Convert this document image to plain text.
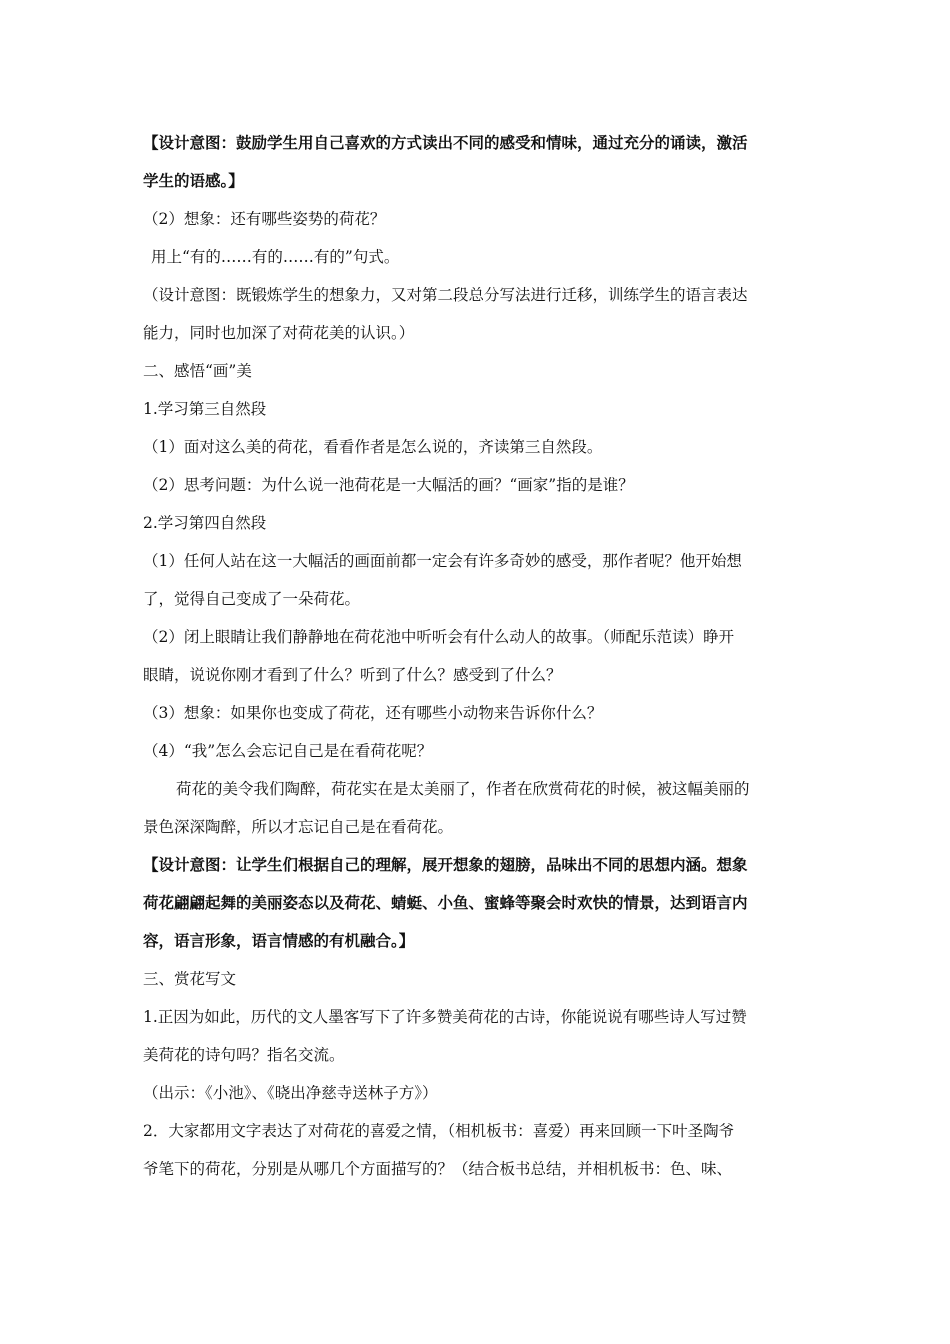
【设计意图：鼓励学生用自己喜欢的方式读出不同的感受和情味，通过充分的诵读，激活
学生的语感。】
（2）想象：还有哪些姿势的荷花？
用上“有的……有的……有的”句式。
（设计意图：既锻炼学生的想象力，又对第二段总分写法进行迁移，训练学生的语言表达
能力，同时也加深了对荷花美的认识。）
二、感悟“画”美
1.学习第三自然段
（1）面对这么美的荷花，看看作者是怎么说的，齐读第三自然段。
（2）思考问题：为什么说一池荷花是一大幅活的画？“画家”指的是谁？
2.学习第四自然段
（1）任何人站在这一大幅活的画面前都一定会有许多奇妙的感受，那作者呢？他开始想
了，觉得自己变成了一朵荷花。
（2）闭上眼睛让我们静静地在荷花池中听听会有什么动人的故事。（师配乐范读）睁开
眼睛，说说你刚才看到了什么？听到了什么？感受到了什么？
（3）想象：如果你也变成了荷花，还有哪些小动物来告诉你什么？
（4）“我”怎么会忘记自己是在看荷花呢？
荷花的美令我们陶醉，荷花实在是太美丽了，作者在欣赏荷花的时候，被这幅美丽的
景色深深陶醉，所以才忘记自己是在看荷花。
【设计意图：让学生们根据自己的理解，展开想象的翅膀，品味出不同的思想内涵。想象
荷花翩翩起舞的美丽姿态以及荷花、蜻蜓、小鱼、蜜蜂等聚会时欢快的情景，达到语言内
容，语言形象，语言情感的有机融合。】
三、赏花写文
1.正因为如此，历代的文人墨客写下了许多赞美荷花的古诗，你能说说有哪些诗人写过赞
美荷花的诗句吗？指名交流。
（出示：《小池》、《晓出净慈寺送林子方》）
2．大家都用文字表达了对荷花的喜爱之情，（相机板书：喜爱）再来回顾一下叶圣陶爷
爷笔下的荷花，分别是从哪几个方面描写的？（结合板书总结，并相机板书：色、味、
